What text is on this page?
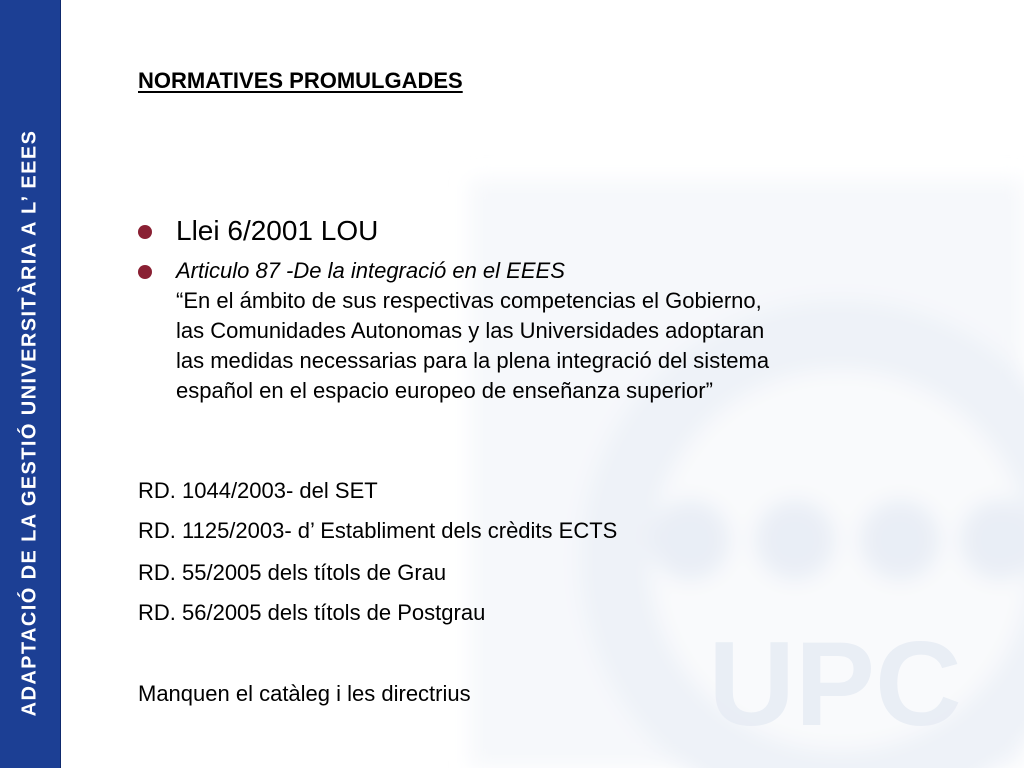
ADAPTACIÓ DE LA GESTIÓ UNIVERSITÀRIA A L’ EEES	UPC
NORMATIVES PROMULGADES
Llei 6/2001 LOU
Articulo 87 -De la integració en el EEES
“En el ámbito de sus respectivas competencias el Gobierno,
las Comunidades Autonomas y las Universidades adoptaran
las medidas necessarias para la plena integració del sistema
español en el espacio europeo de enseñanza superior”
RD. 1044/2003- del SET
RD. 1125/2003- d’ Establiment dels crèdits ECTS
RD. 55/2005 dels títols de Grau
RD. 56/2005 dels títols de Postgrau
Manquen el catàleg i les directrius
